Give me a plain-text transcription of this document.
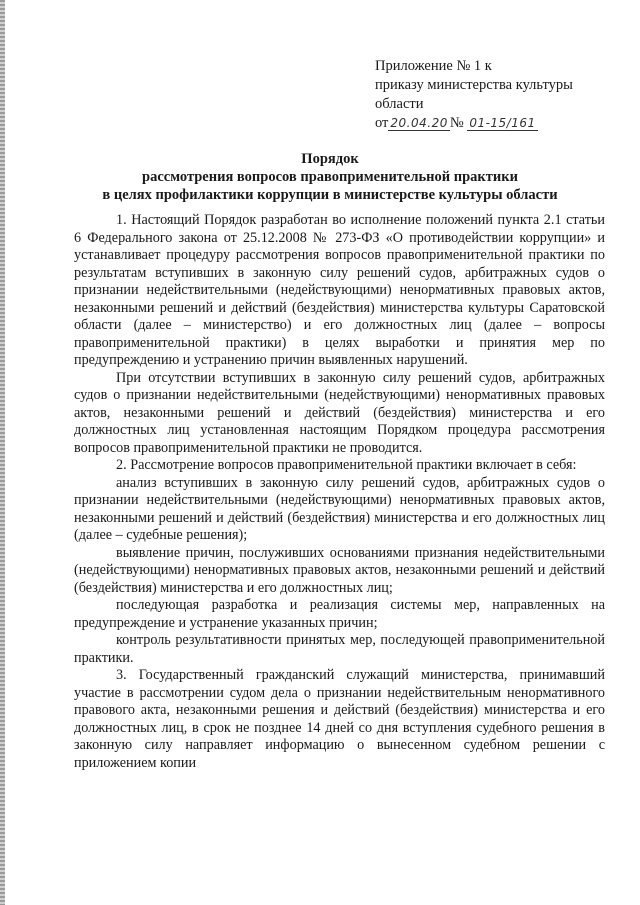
Приложение № 1 к
приказу министерства культуры
области
от 20.04.20 № 01-15/161
Порядок
рассмотрения вопросов правоприменительной практики
в целях профилактики коррупции в министерстве культуры области

1. Настоящий Порядок разработан во исполнение положений пункта 2.1 статьи 6 Федерального закона от 25.12.2008 № 273-ФЗ «О противодействии коррупции» и устанавливает процедуру рассмотрения вопросов правоприменительной практики по результатам вступивших в законную силу решений судов, арбитражных судов о признании недействительными (недействующими) ненормативных правовых актов, незаконными решений и действий (бездействия) министерства культуры Саратовской области (далее – министерство) и его должностных лиц (далее – вопросы правоприменительной практики) в целях выработки и принятия мер по предупреждению и устранению причин выявленных нарушений.

При отсутствии вступивших в законную силу решений судов, арбитражных судов о признании недействительными (недействующими) ненормативных правовых актов, незаконными решений и действий (бездействия) министерства и его должностных лиц установленная настоящим Порядком процедура рассмотрения вопросов правоприменительной практики не проводится.

2. Рассмотрение вопросов правоприменительной практики включает в себя:

анализ вступивших в законную силу решений судов, арбитражных судов о признании недействительными (недействующими) ненормативных правовых актов, незаконными решений и действий (бездействия) министерства и его должностных лиц (далее – судебные решения);

выявление причин, послуживших основаниями признания недействительными (недействующими) ненормативных правовых актов, незаконными решений и действий (бездействия) министерства и его должностных лиц;

последующая разработка и реализация системы мер, направленных на предупреждение и устранение указанных причин;

контроль результативности принятых мер, последующей правоприменительной практики.

3. Государственный гражданский служащий министерства, принимавший участие в рассмотрении судом дела о признании недействительным ненормативного правового акта, незаконными решения и действий (бездействия) министерства и его должностных лиц, в срок не позднее 14 дней со дня вступления судебного решения в законную силу направляет информацию о вынесенном судебном решении с приложением копии
